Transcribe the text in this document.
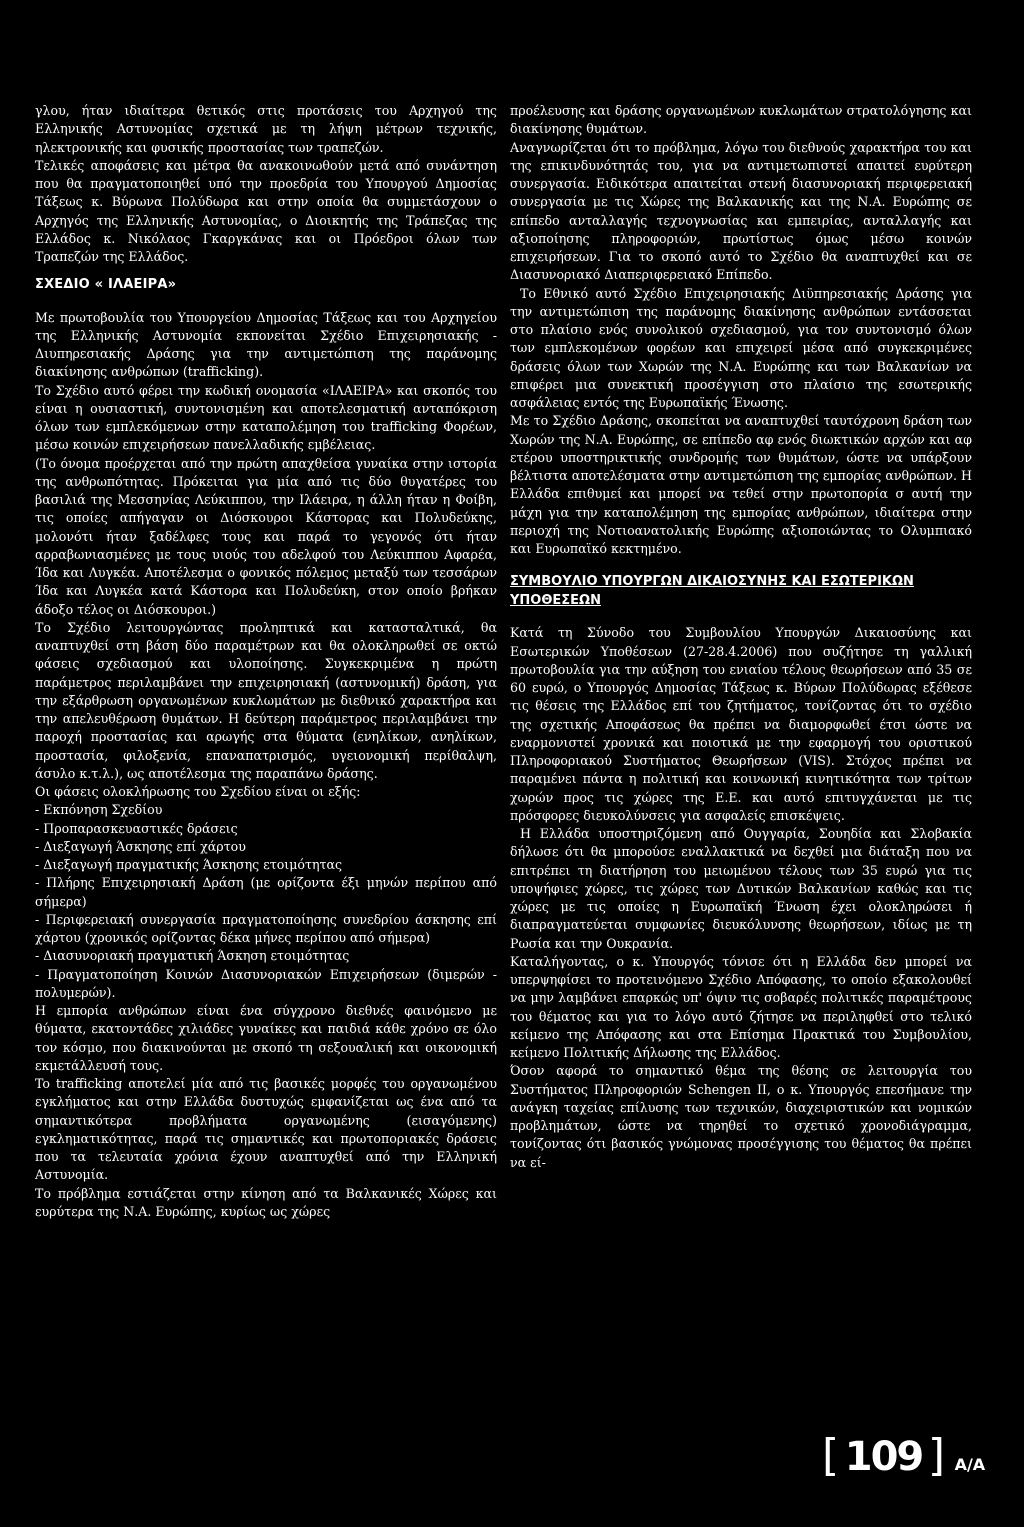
γλου, ήταν ιδιαίτερα θετικός στις προτάσεις του Αρχηγού της Ελληνικής Αστυνομίας σχετικά με τη λήψη μέτρων τεχνικής, ηλεκτρονικής και φυσικής προστασίας των τραπεζών.

Τελικές αποφάσεις και μέτρα θα ανακοινωθούν μετά από συνάντηση που θα πραγματοποιηθεί υπό την προεδρία του Υπουργού Δημοσίας Τάξεως κ. Βύρωνα Πολύδωρα και στην οποία θα συμμετάσχουν ο Αρχηγός της Ελληνικής Αστυνομίας, ο Διοικητής της Τράπεζας της Ελλάδος κ. Νικόλαος Γκαργκάνας και οι Πρόεδροι όλων των Τραπεζών της Ελλάδος.

ΣΧΕΔΙΟ « ΙΛΑΕΙΡΑ»

Με πρωτοβουλία του Υπουργείου Δημοσίας Τάξεως και του Αρχηγείου της Ελληνικής Αστυνομία εκπονείται Σχέδιο Επιχειρησιακής - Διυπηρεσιακής Δράσης για την αντιμετώπιση της παράνομης διακίνησης ανθρώπων (trafficking).

Το Σχέδιο αυτό φέρει την κωδική ονομασία «ΙΛΑΕΙΡΑ» και σκοπός του είναι η ουσιαστική, συντονισμένη και αποτελεσματική ανταπόκριση όλων των εμπλεκόμενων στην καταπολέμηση του trafficking Φορέων, μέσω κοινών επιχειρήσεων πανελλαδικής εμβέλειας.

(Το όνομα προέρχεται από την πρώτη απαχθείσα γυναίκα στην ιστορία της ανθρωπότητας. Πρόκειται για μία από τις δύο θυγατέρες του βασιλιά της Μεσσηνίας Λεύκιππου, την Ιλάειρα, η άλλη ήταν η Φοίβη, τις οποίες απήγαγαν οι Διόσκουροι Κάστορας και Πολυδεύκης, μολονότι ήταν ξαδέλφες τους και παρά το γεγονός ότι ήταν αρραβωνιασμένες με τους υιούς του αδελφού του Λεύκιππου Αφαρέα, Ίδα και Λυγκέα. Αποτέλεσμα ο φονικός πόλεμος μεταξύ των τεσσάρων Ίδα και Λυγκέα κατά Κάστορα και Πολυδεύκη, στον οποίο βρήκαν άδοξο τέλος οι Διόσκουροι.)

Το Σχέδιο λειτουργώντας προληπτικά και κατασταλτικά, θα αναπτυχθεί στη βάση δύο παραμέτρων και θα ολοκληρωθεί σε οκτώ φάσεις σχεδιασμού και υλοποίησης. Συγκεκριμένα η πρώτη παράμετρος περιλαμβάνει την επιχειρησιακή (αστυνομική) δράση, για την εξάρθρωση οργανωμένων κυκλωμάτων με διεθνικό χαρακτήρα και την απελευθέρωση θυμάτων. Η δεύτερη παράμετρος περιλαμβάνει την παροχή προστασίας και αρωγής στα θύματα (ενηλίκων, ανηλίκων, προστασία, φιλοξενία, επαναπατρισμός, υγειονομική περίθαλψη, άσυλο κ.τ.λ.), ως αποτέλεσμα της παραπάνω δράσης.

Οι φάσεις ολοκλήρωσης του Σχεδίου είναι οι εξής:

- Εκπόνηση Σχεδίου

- Προπαρασκευαστικές δράσεις

- Διεξαγωγή Άσκησης επί χάρτου

- Διεξαγωγή πραγματικής Άσκησης ετοιμότητας

- Πλήρης Επιχειρησιακή Δράση (με ορίζοντα έξι μηνών περίπου από σήμερα)

- Περιφερειακή συνεργασία πραγματοποίησης συνεδρίου άσκησης επί χάρτου (χρονικός ορίζοντας δέκα μήνες περίπου από σήμερα)

- Διασυνοριακή πραγματική Άσκηση ετοιμότητας

- Πραγματοποίηση Κοινών Διασυνοριακών Επιχειρήσεων (διμερών - πολυμερών).

Η εμπορία ανθρώπων είναι ένα σύγχρονο διεθνές φαινόμενο με θύματα, εκατοντάδες χιλιάδες γυναίκες και παιδιά κάθε χρόνο σε όλο τον κόσμο, που διακινούνται με σκοπό τη σεξουαλική και οικονομική εκμετάλλευσή τους.

To trafficking αποτελεί μία από τις βασικές μορφές του οργανωμένου εγκλήματος και στην Ελλάδα δυστυχώς εμφανίζεται ως ένα από τα σημαντικότερα προβλήματα οργανωμένης (εισαγόμενης) εγκληματικότητας, παρά τις σημαντικές και πρωτοποριακές δράσεις που τα τελευταία χρόνια έχουν αναπτυχθεί από την Ελληνική Αστυνομία.

Το πρόβλημα εστιάζεται στην κίνηση από τα Βαλκανικές Χώρες και ευρύτερα της Ν.Α. Ευρώπης, κυρίως ως χώρες

προέλευσης και δράσης οργανωμένων κυκλωμάτων στρατολόγησης και διακίνησης θυμάτων.

Αναγνωρίζεται ότι το πρόβλημα, λόγω του διεθνούς χαρακτήρα του και της επικινδυνότητάς του, για να αντιμετωπιστεί απαιτεί ευρύτερη συνεργασία. Ειδικότερα απαιτείται στενή διασυνοριακή περιφερειακή συνεργασία με τις Χώρες της Βαλκανικής και της Ν.Α. Ευρώπης σε επίπεδο ανταλλαγής τεχνογνωσίας και εμπειρίας, ανταλλαγής και αξιοποίησης πληροφοριών, πρωτίστως όμως μέσω κοινών επιχειρήσεων. Για το σκοπό αυτό το Σχέδιο θα αναπτυχθεί και σε Διασυνοριακό Διαπεριφερειακό Επίπεδο.

Το Εθνικό αυτό Σχέδιο Επιχειρησιακής Διϋπηρεσιακής Δράσης για την αντιμετώπιση της παράνομης διακίνησης ανθρώπων εντάσσεται στο πλαίσιο ενός συνολικού σχεδιασμού, για τον συντονισμό όλων των εμπλεκομένων φορέων και επιχειρεί μέσα από συγκεκριμένες δράσεις όλων των Χωρών της Ν.Α. Ευρώπης και των Βαλκανίων να επιφέρει μια συνεκτική προσέγγιση στο πλαίσιο της εσωτερικής ασφάλειας εντός της Ευρωπαϊκής Ένωσης.

Με το Σχέδιο Δράσης, σκοπείται να αναπτυχθεί ταυτόχρονη δράση των Χωρών της Ν.Α. Ευρώπης, σε επίπεδο αφ ενός διωκτικών αρχών και αφ ετέρου υποστηρικτικής συνδρομής των θυμάτων, ώστε να υπάρξουν βέλτιστα αποτελέσματα στην αντιμετώπιση της εμπορίας ανθρώπων. Η Ελλάδα επιθυμεί και μπορεί να τεθεί στην πρωτοπορία σ αυτή την μάχη για την καταπολέμηση της εμπορίας ανθρώπων, ιδιαίτερα στην περιοχή της Νοτιοανατολικής Ευρώπης αξιοποιώντας το Ολυμπιακό και Ευρωπαϊκό κεκτημένο.

ΣΥΜΒΟΥΛΙΟ ΥΠΟΥΡΓΩΝ ΔΙΚΑΙΟΣΥΝΗΣ ΚΑΙ ΕΣΩΤΕΡΙΚΩΝ ΥΠΟΘΕΣΕΩΝ

Κατά τη Σύνοδο του Συμβουλίου Υπουργών Δικαιοσύνης και Εσωτερικών Υποθέσεων (27-28.4.2006) που συζήτησε τη γαλλική πρωτοβουλία για την αύξηση του ενιαίου τέλους θεωρήσεων από 35 σε 60 ευρώ, ο Υπουργός Δημοσίας Τάξεως κ. Βύρων Πολύδωρας εξέθεσε τις θέσεις της Ελλάδος επί του ζητήματος, τονίζοντας ότι το σχέδιο της σχετικής Αποφάσεως θα πρέπει να διαμορφωθεί έτσι ώστε να εναρμονιστεί χρονικά και ποιοτικά με την εφαρμογή του οριστικού Πληροφοριακού Συστήματος Θεωρήσεων (VIS). Στόχος πρέπει να παραμένει πάντα η πολιτική και κοινωνική κινητικότητα των τρίτων χωρών προς τις χώρες της Ε.Ε. και αυτό επιτυγχάνεται με τις πρόσφορες διευκολύνσεις για ασφαλείς επισκέψεις.

Η Ελλάδα υποστηριζόμενη από Ουγγαρία, Σουηδία και Σλοβακία δήλωσε ότι θα μπορούσε εναλλακτικά να δεχθεί μια διάταξη που να επιτρέπει τη διατήρηση του μειωμένου τέλους των 35 ευρώ για τις υποψήφιες χώρες, τις χώρες των Δυτικών Βαλκανίων καθώς και τις χώρες με τις οποίες η Ευρωπαϊκή Ένωση έχει ολοκληρώσει ή διαπραγματεύεται συμφωνίες διευκόλυνσης θεωρήσεων, ιδίως με τη Ρωσία και την Ουκρανία.

Καταλήγοντας, ο κ. Υπουργός τόνισε ότι η Ελλάδα δεν μπορεί να υπερψηφίσει το προτεινόμενο Σχέδιο Απόφασης, το οποίο εξακολουθεί να μην λαμβάνει επαρκώς υπ' όψιν τις σοβαρές πολιτικές παραμέτρους του θέματος και για το λόγο αυτό ζήτησε να περιληφθεί στο τελικό κείμενο της Απόφασης και στα Επίσημα Πρακτικά του Συμβουλίου, κείμενο Πολιτικής Δήλωσης της Ελλάδος.

Όσον αφορά το σημαντικό θέμα της θέσης σε λειτουργία του Συστήματος Πληροφοριών Schengen ΙΙ, ο κ. Υπουργός επεσήμανε την ανάγκη ταχείας επίλυσης των τεχνικών, διαχειριστικών και νομικών προβλημάτων, ώστε να τηρηθεί το σχετικό χρονοδιάγραμμα, τονίζοντας ότι βασικός γνώμονας προσέγγισης του θέματος θα πρέπει να εί-

[ 109 ] Α/Α
